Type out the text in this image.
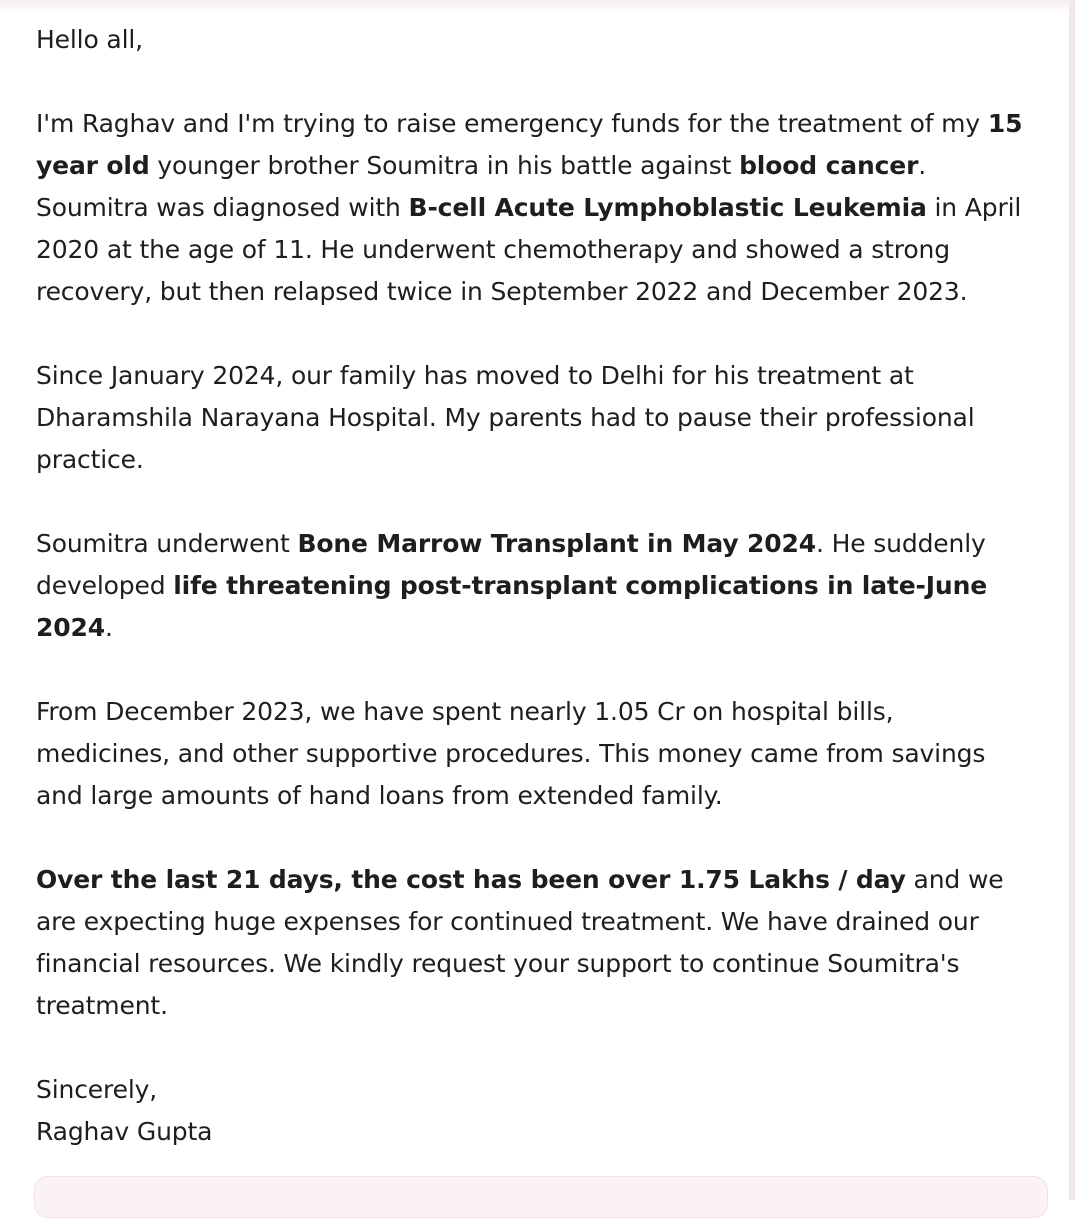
Hello all,

I'm Raghav and I'm trying to raise emergency funds for the treatment of my 15 year old younger brother Soumitra in his battle against blood cancer. Soumitra was diagnosed with B-cell Acute Lymphoblastic Leukemia in April 2020 at the age of 11. He underwent chemotherapy and showed a strong recovery, but then relapsed twice in September 2022 and December 2023.

Since January 2024, our family has moved to Delhi for his treatment at Dharamshila Narayana Hospital. My parents had to pause their professional practice.

Soumitra underwent Bone Marrow Transplant in May 2024. He suddenly developed life threatening post-transplant complications in late-June 2024.

From December 2023, we have spent nearly 1.05 Cr on hospital bills, medicines, and other supportive procedures. This money came from savings and large amounts of hand loans from extended family.

Over the last 21 days, the cost has been over 1.75 Lakhs / day and we are expecting huge expenses for continued treatment. We have drained our financial resources. We kindly request your support to continue Soumitra's treatment.

Sincerely,

Raghav Gupta
